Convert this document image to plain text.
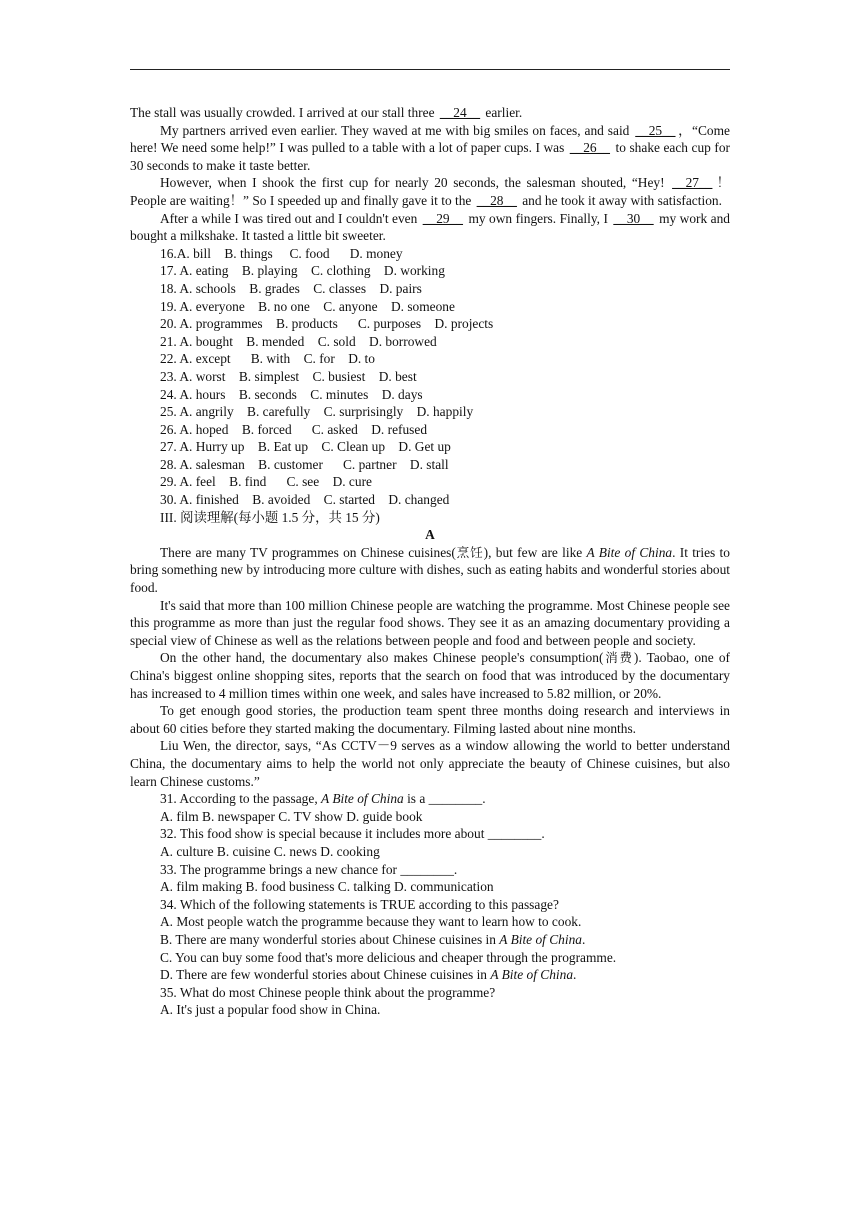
The stall was usually crowded. I arrived at our stall three __24__ earlier.

My partners arrived even earlier. They waved at me with big smiles on faces, and said __25__ ，“Come here! We need some help!” I was pulled to a table with a lot of paper cups. I was __26__ to shake each cup for 30 seconds to make it taste better.

However, when I shook the first cup for nearly 20 seconds, the salesman shouted, “Hey! __27__ ！ People are waiting！” So I speeded up and finally gave it to the __28__ and he took it away with satisfaction.

After a while I was tired out and I couldn't even __29__ my own fingers. Finally, I __30__ my work and bought a milkshake. It tasted a little bit sweeter.

16.A. bill    B. things     C. food      D. money

17. A. eating    B. playing    C. clothing    D. working

18. A. schools    B. grades    C. classes    D. pairs

19. A. everyone    B. no one    C. anyone    D. someone

20. A. programmes    B. products      C. purposes    D. projects

21. A. bought    B. mended    C. sold    D. borrowed

22. A. except      B. with    C. for    D. to

23. A. worst    B. simplest    C. busiest    D. best

24. A. hours    B. seconds    C. minutes    D. days

25. A. angrily    B. carefully    C. surprisingly    D. happily

26. A. hoped    B. forced      C. asked    D. refused

27. A. Hurry up    B. Eat up    C. Clean up    D. Get up

28. A. salesman    B. customer      C. partner    D. stall

29. A. feel    B. find      C. see    D. cure

30. A. finished    B. avoided    C. started    D. changed

III. 阅读理解(每小题 1.5 分，共 15 分)

A

There are many TV programmes on Chinese cuisines(烹饪), but few are like A Bite of China. It tries to bring something new by introducing more culture with dishes, such as eating habits and wonderful stories about food.

It's said that more than 100 million Chinese people are watching the programme. Most Chinese people see this programme as more than just the regular food shows. They see it as an amazing documentary providing a special view of Chinese as well as the relations between people and food and between people and society.

On the other hand, the documentary also makes Chinese people's consumption(消费). Taobao, one of China's biggest online shopping sites, reports that the search on food that was introduced by the documentary has increased to 4 million times within one week, and sales have increased to 5.82 million, or 20%.

To get enough good stories, the production team spent three months doing research and interviews in about 60 cities before they started making the documentary. Filming lasted about nine months.

Liu Wen, the director, says, “As CCTV－9 serves as a window allowing the world to better understand China, the documentary aims to help the world not only appreciate the beauty of Chinese cuisines, but also learn Chinese customs.”

31. According to the passage, A Bite of China is a ________.

A. film B. newspaper C. TV show D. guide book

32. This food show is special because it includes more about ________.

A. culture B. cuisine C. news D. cooking

33. The programme brings a new chance for ________.

A. film making B. food business C. talking D. communication

34. Which of the following statements is TRUE according to this passage?

A. Most people watch the programme because they want to learn how to cook.

B. There are many wonderful stories about Chinese cuisines in A Bite of China.

C. You can buy some food that's more delicious and cheaper through the programme.

D. There are few wonderful stories about Chinese cuisines in A Bite of China.

35. What do most Chinese people think about the programme?

A. It's just a popular food show in China.
